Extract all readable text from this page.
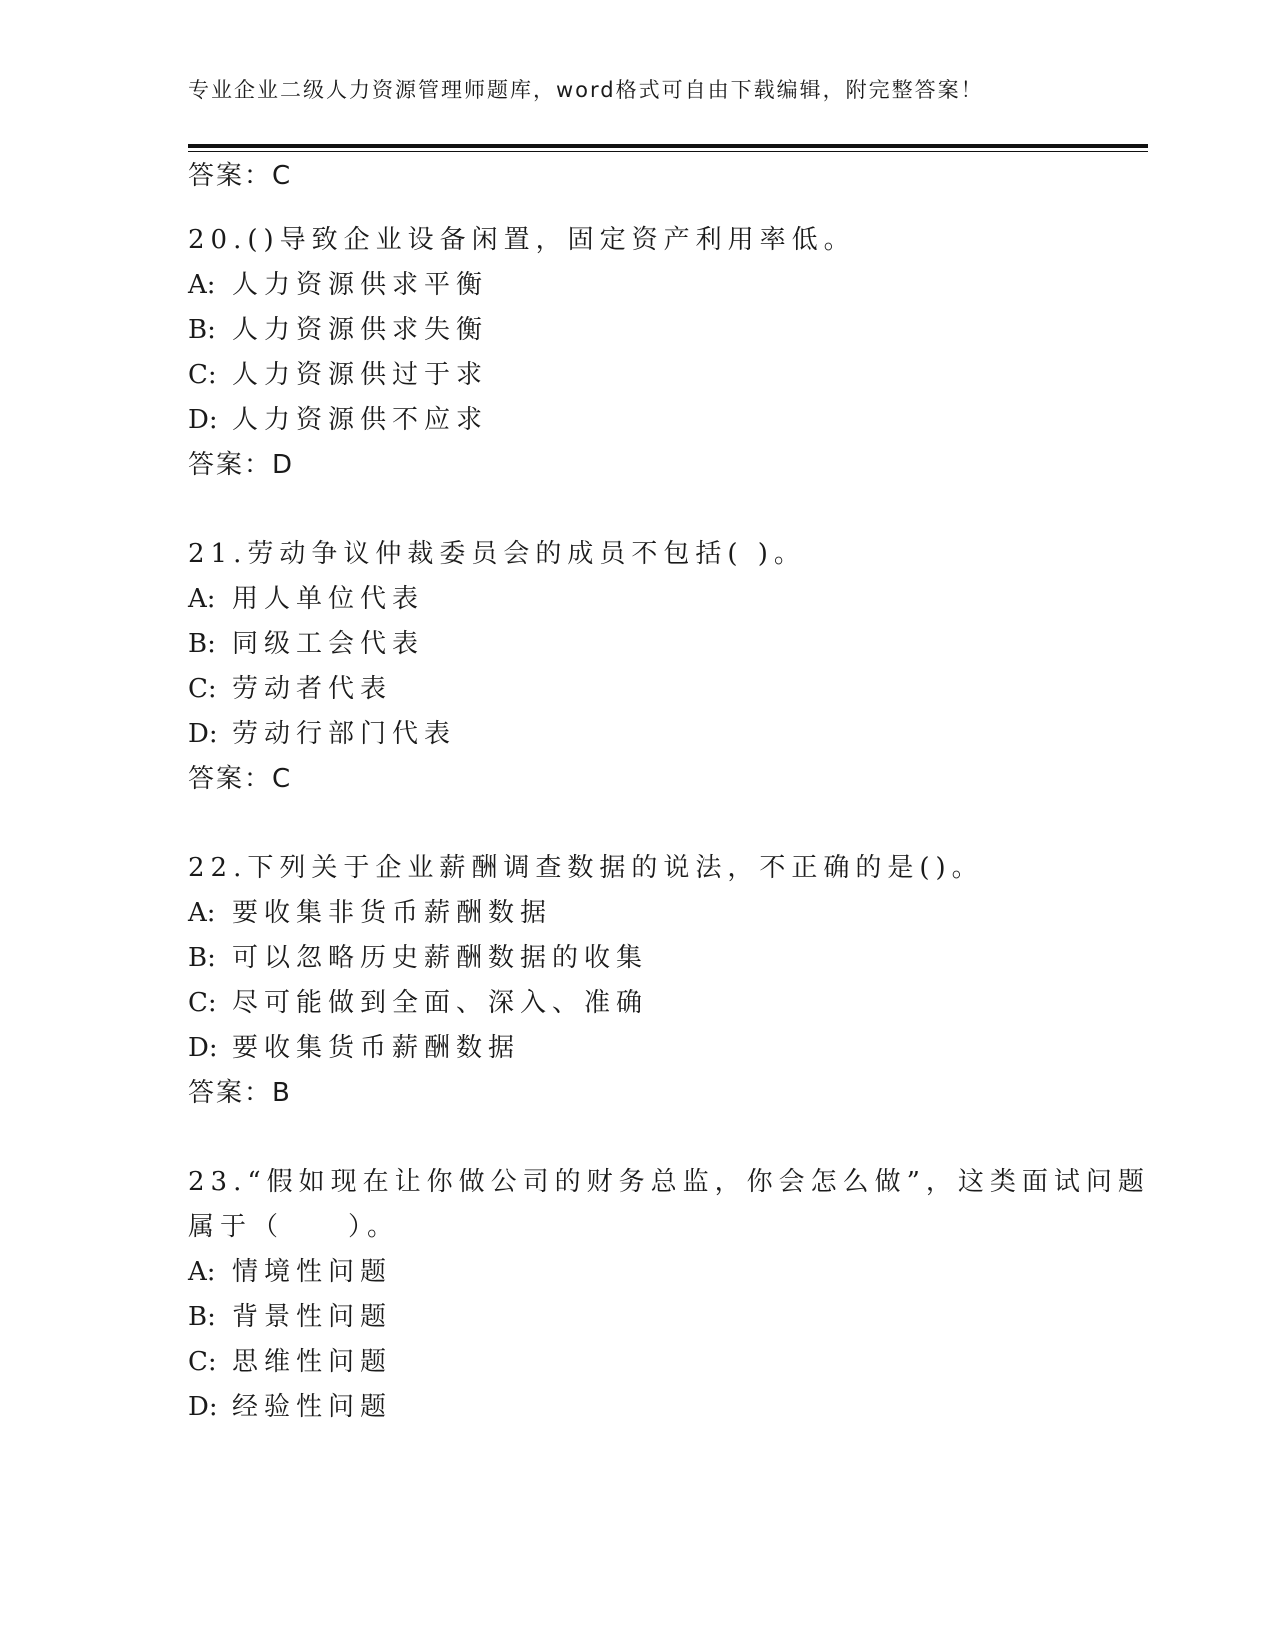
专业企业二级人力资源管理师题库，word格式可自由下载编辑，附完整答案！
答案：C
20.()导致企业设备闲置，固定资产利用率低。
A: 人力资源供求平衡
B: 人力资源供求失衡
C: 人力资源供过于求
D: 人力资源供不应求
答案：D
21.劳动争议仲裁委员会的成员不包括( )。
A: 用人单位代表
B: 同级工会代表
C: 劳动者代表
D: 劳动行部门代表
答案：C
22.下列关于企业薪酬调查数据的说法，不正确的是()。
A: 要收集非货币薪酬数据
B: 可以忽略历史薪酬数据的收集
C: 尽可能做到全面、深入、准确
D: 要收集货币薪酬数据
答案：B
23.“假如现在让你做公司的财务总监，你会怎么做”，这类面试问题
属于（　　）。
A: 情境性问题
B: 背景性问题
C: 思维性问题
D: 经验性问题
